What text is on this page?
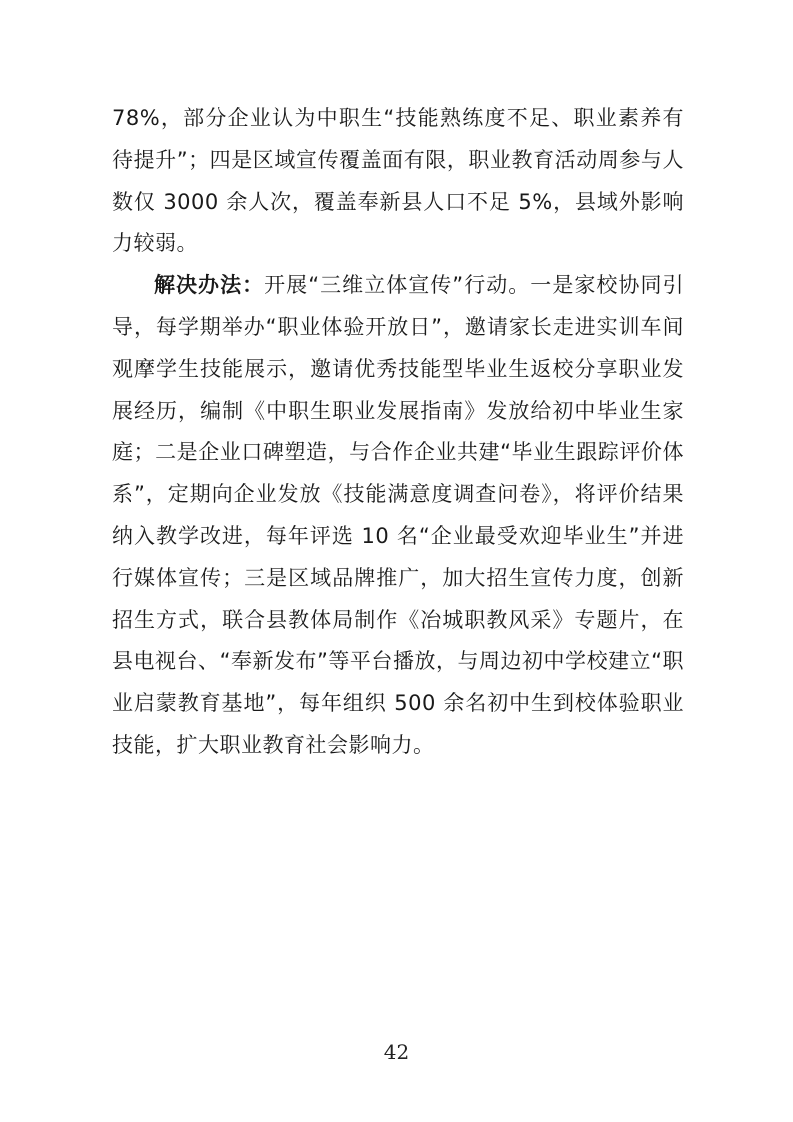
78%，部分企业认为中职生“技能熟练度不足、职业素养有待提升”；四是区域宣传覆盖面有限，职业教育活动周参与人数仅 3000 余人次，覆盖奉新县人口不足 5%，县域外影响力较弱。

解决办法：开展“三维立体宣传”行动。一是家校协同引导，每学期举办“职业体验开放日”，邀请家长走进实训车间观摩学生技能展示，邀请优秀技能型毕业生返校分享职业发展经历，编制《中职生职业发展指南》发放给初中毕业生家庭；二是企业口碑塑造，与合作企业共建“毕业生跟踪评价体系”，定期向企业发放《技能满意度调查问卷》，将评价结果纳入教学改进，每年评选 10 名“企业最受欢迎毕业生”并进行媒体宣传；三是区域品牌推广，加大招生宣传力度，创新招生方式，联合县教体局制作《冶城职教风采》专题片，在县电视台、“奉新发布”等平台播放，与周边初中学校建立“职业启蒙教育基地”，每年组织 500 余名初中生到校体验职业技能，扩大职业教育社会影响力。

42
